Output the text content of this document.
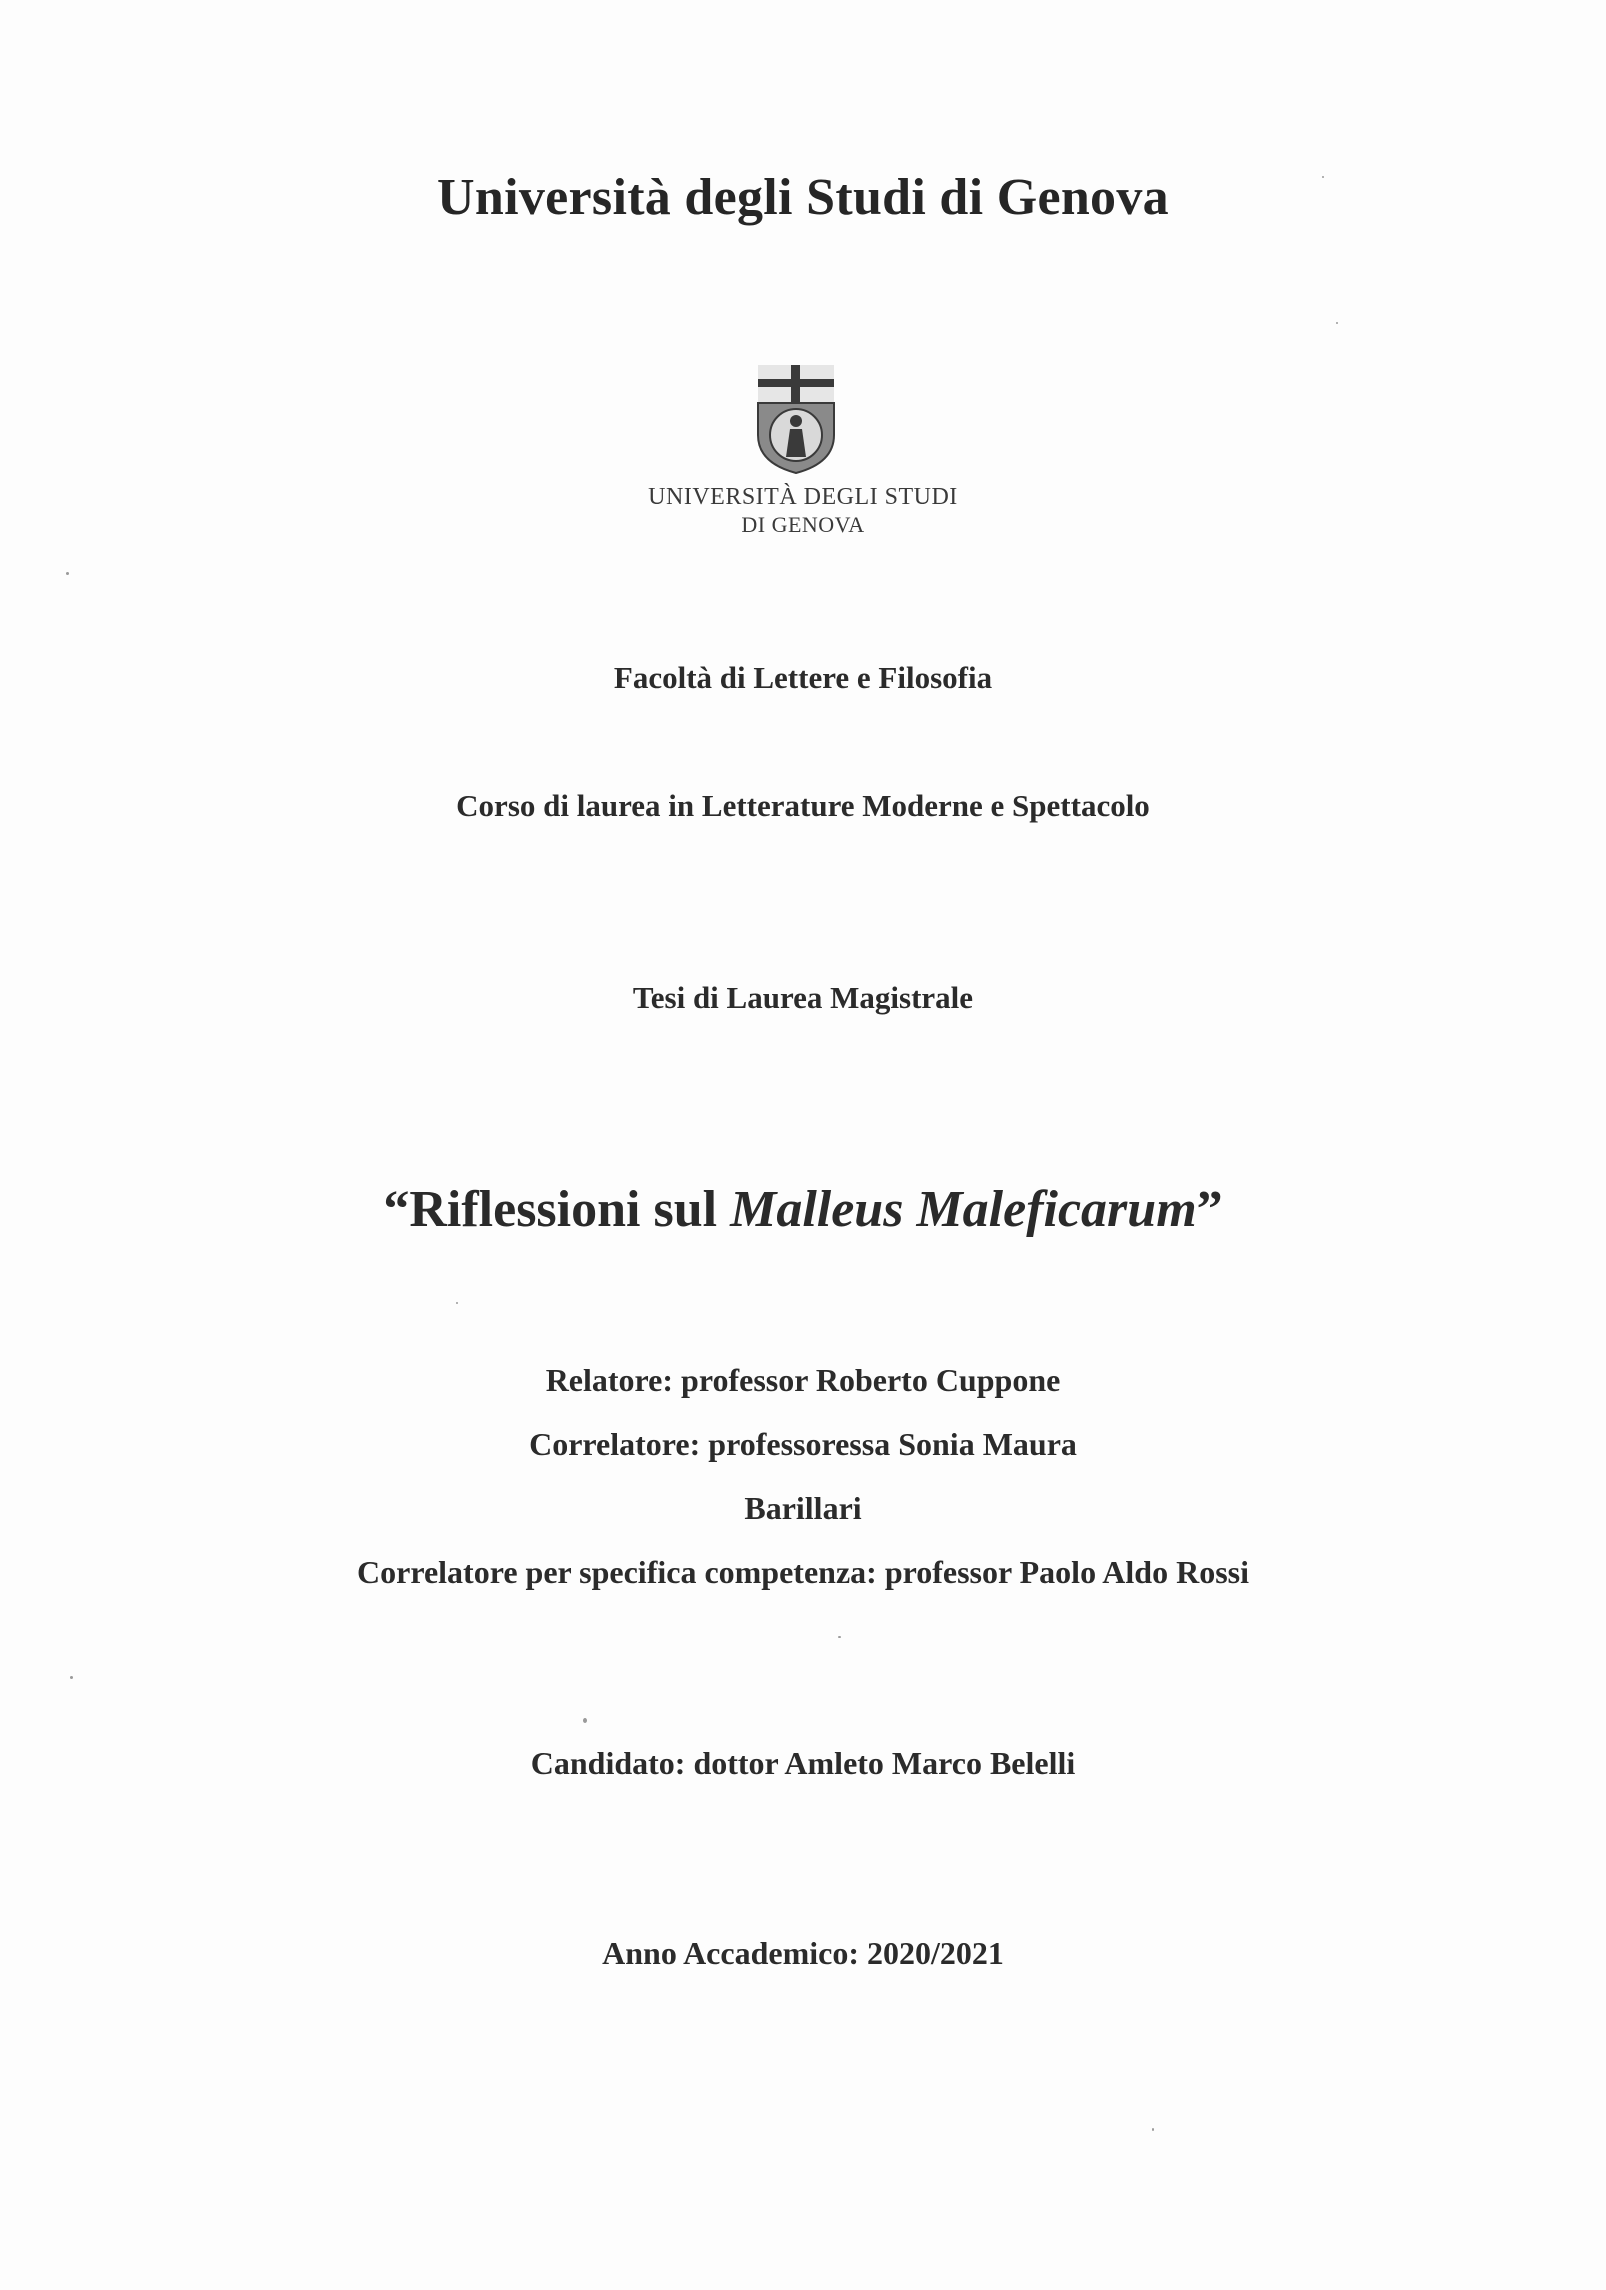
Università degli Studi di Genova
UNIVERSITÀ DEGLI STUDI
DI GENOVA
Facoltà di Lettere e Filosofia
Corso di laurea in Letterature Moderne e Spettacolo
Tesi di Laurea Magistrale
“Riflessioni sul Malleus Maleficarum”
Relatore: professor Roberto Cuppone
Correlatore: professoressa Sonia Maura
Barillari
Correlatore per specifica competenza: professor Paolo Aldo Rossi
Candidato: dottor Amleto Marco Belelli
Anno Accademico: 2020/2021
